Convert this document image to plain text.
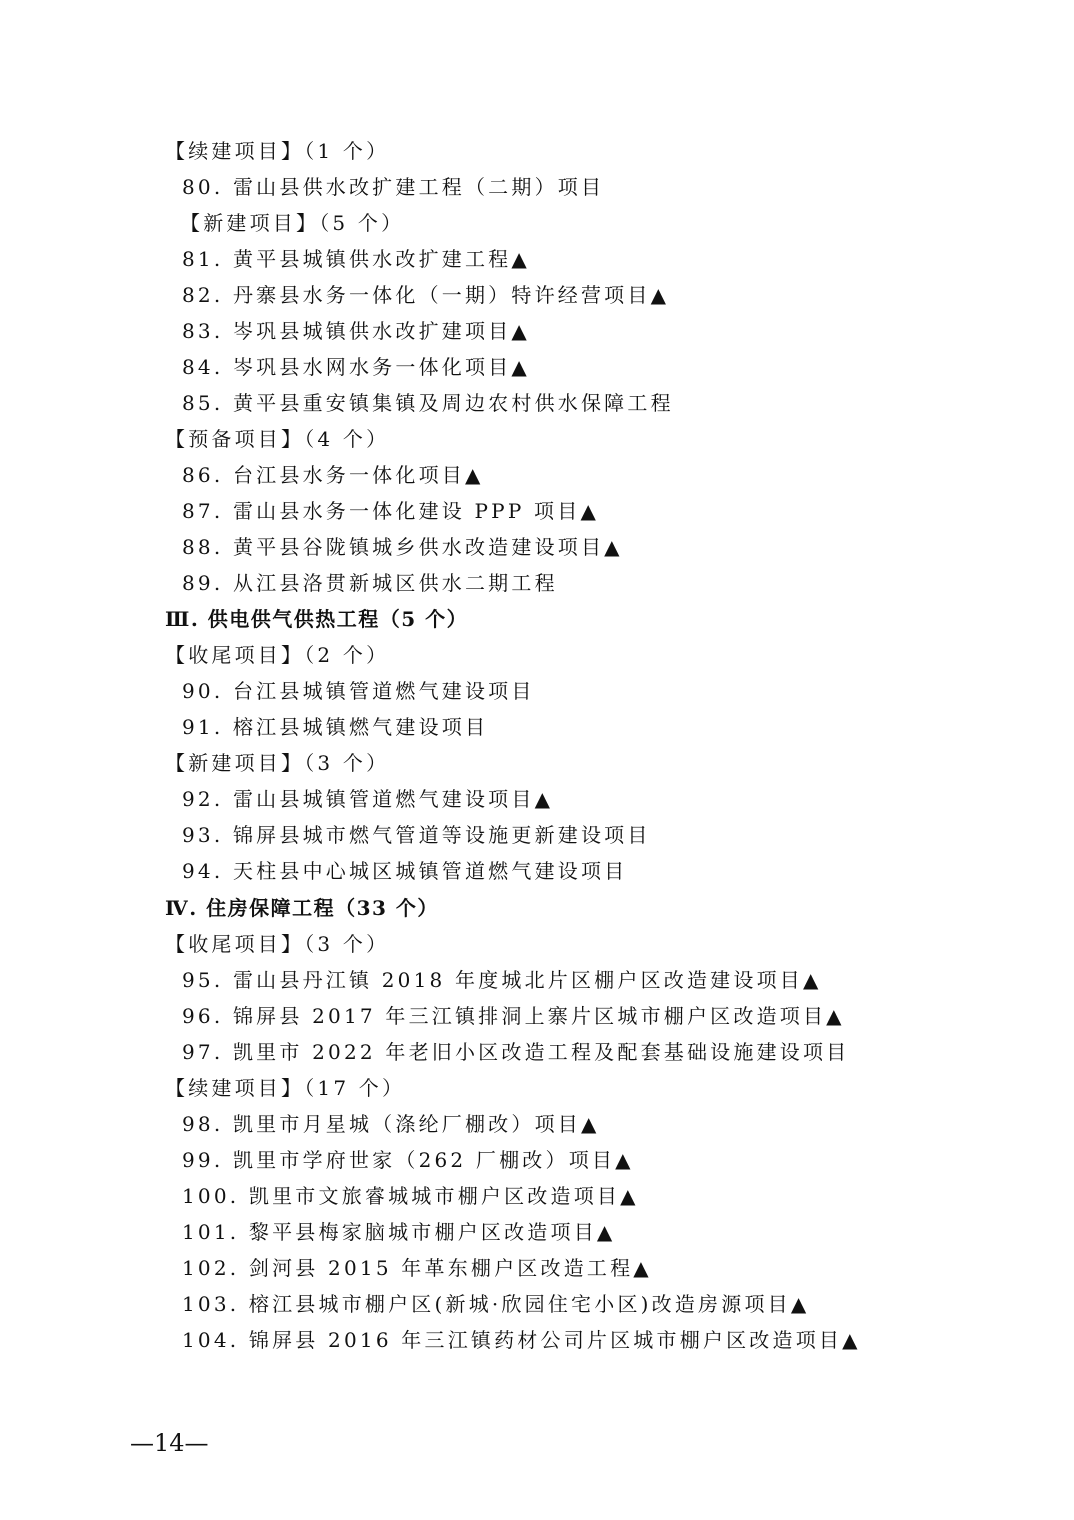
【续建项目】（1 个）
80. 雷山县供水改扩建工程（二期）项目
【新建项目】（5 个）
81. 黄平县城镇供水改扩建工程▲
82. 丹寨县水务一体化（一期）特许经营项目▲
83. 岑巩县城镇供水改扩建项目▲
84. 岑巩县水网水务一体化项目▲
85. 黄平县重安镇集镇及周边农村供水保障工程
【预备项目】（4 个）
86. 台江县水务一体化项目▲
87. 雷山县水务一体化建设 PPP 项目▲
88. 黄平县谷陇镇城乡供水改造建设项目▲
89. 从江县洛贯新城区供水二期工程
Ⅲ. 供电供气供热工程（5 个）
【收尾项目】（2 个）
90. 台江县城镇管道燃气建设项目
91. 榕江县城镇燃气建设项目
【新建项目】（3 个）
92. 雷山县城镇管道燃气建设项目▲
93. 锦屏县城市燃气管道等设施更新建设项目
94. 天柱县中心城区城镇管道燃气建设项目
Ⅳ. 住房保障工程（33 个）
【收尾项目】（3 个）
95. 雷山县丹江镇 2018 年度城北片区棚户区改造建设项目▲
96. 锦屏县 2017 年三江镇排洞上寨片区城市棚户区改造项目▲
97. 凯里市 2022 年老旧小区改造工程及配套基础设施建设项目
【续建项目】（17 个）
98. 凯里市月星城（涤纶厂棚改）项目▲
99. 凯里市学府世家（262 厂棚改）项目▲
100. 凯里市文旅睿城城市棚户区改造项目▲
101. 黎平县梅家脑城市棚户区改造项目▲
102. 剑河县 2015 年革东棚户区改造工程▲
103. 榕江县城市棚户区(新城·欣园住宅小区)改造房源项目▲
104. 锦屏县 2016 年三江镇药材公司片区城市棚户区改造项目▲
—14—
